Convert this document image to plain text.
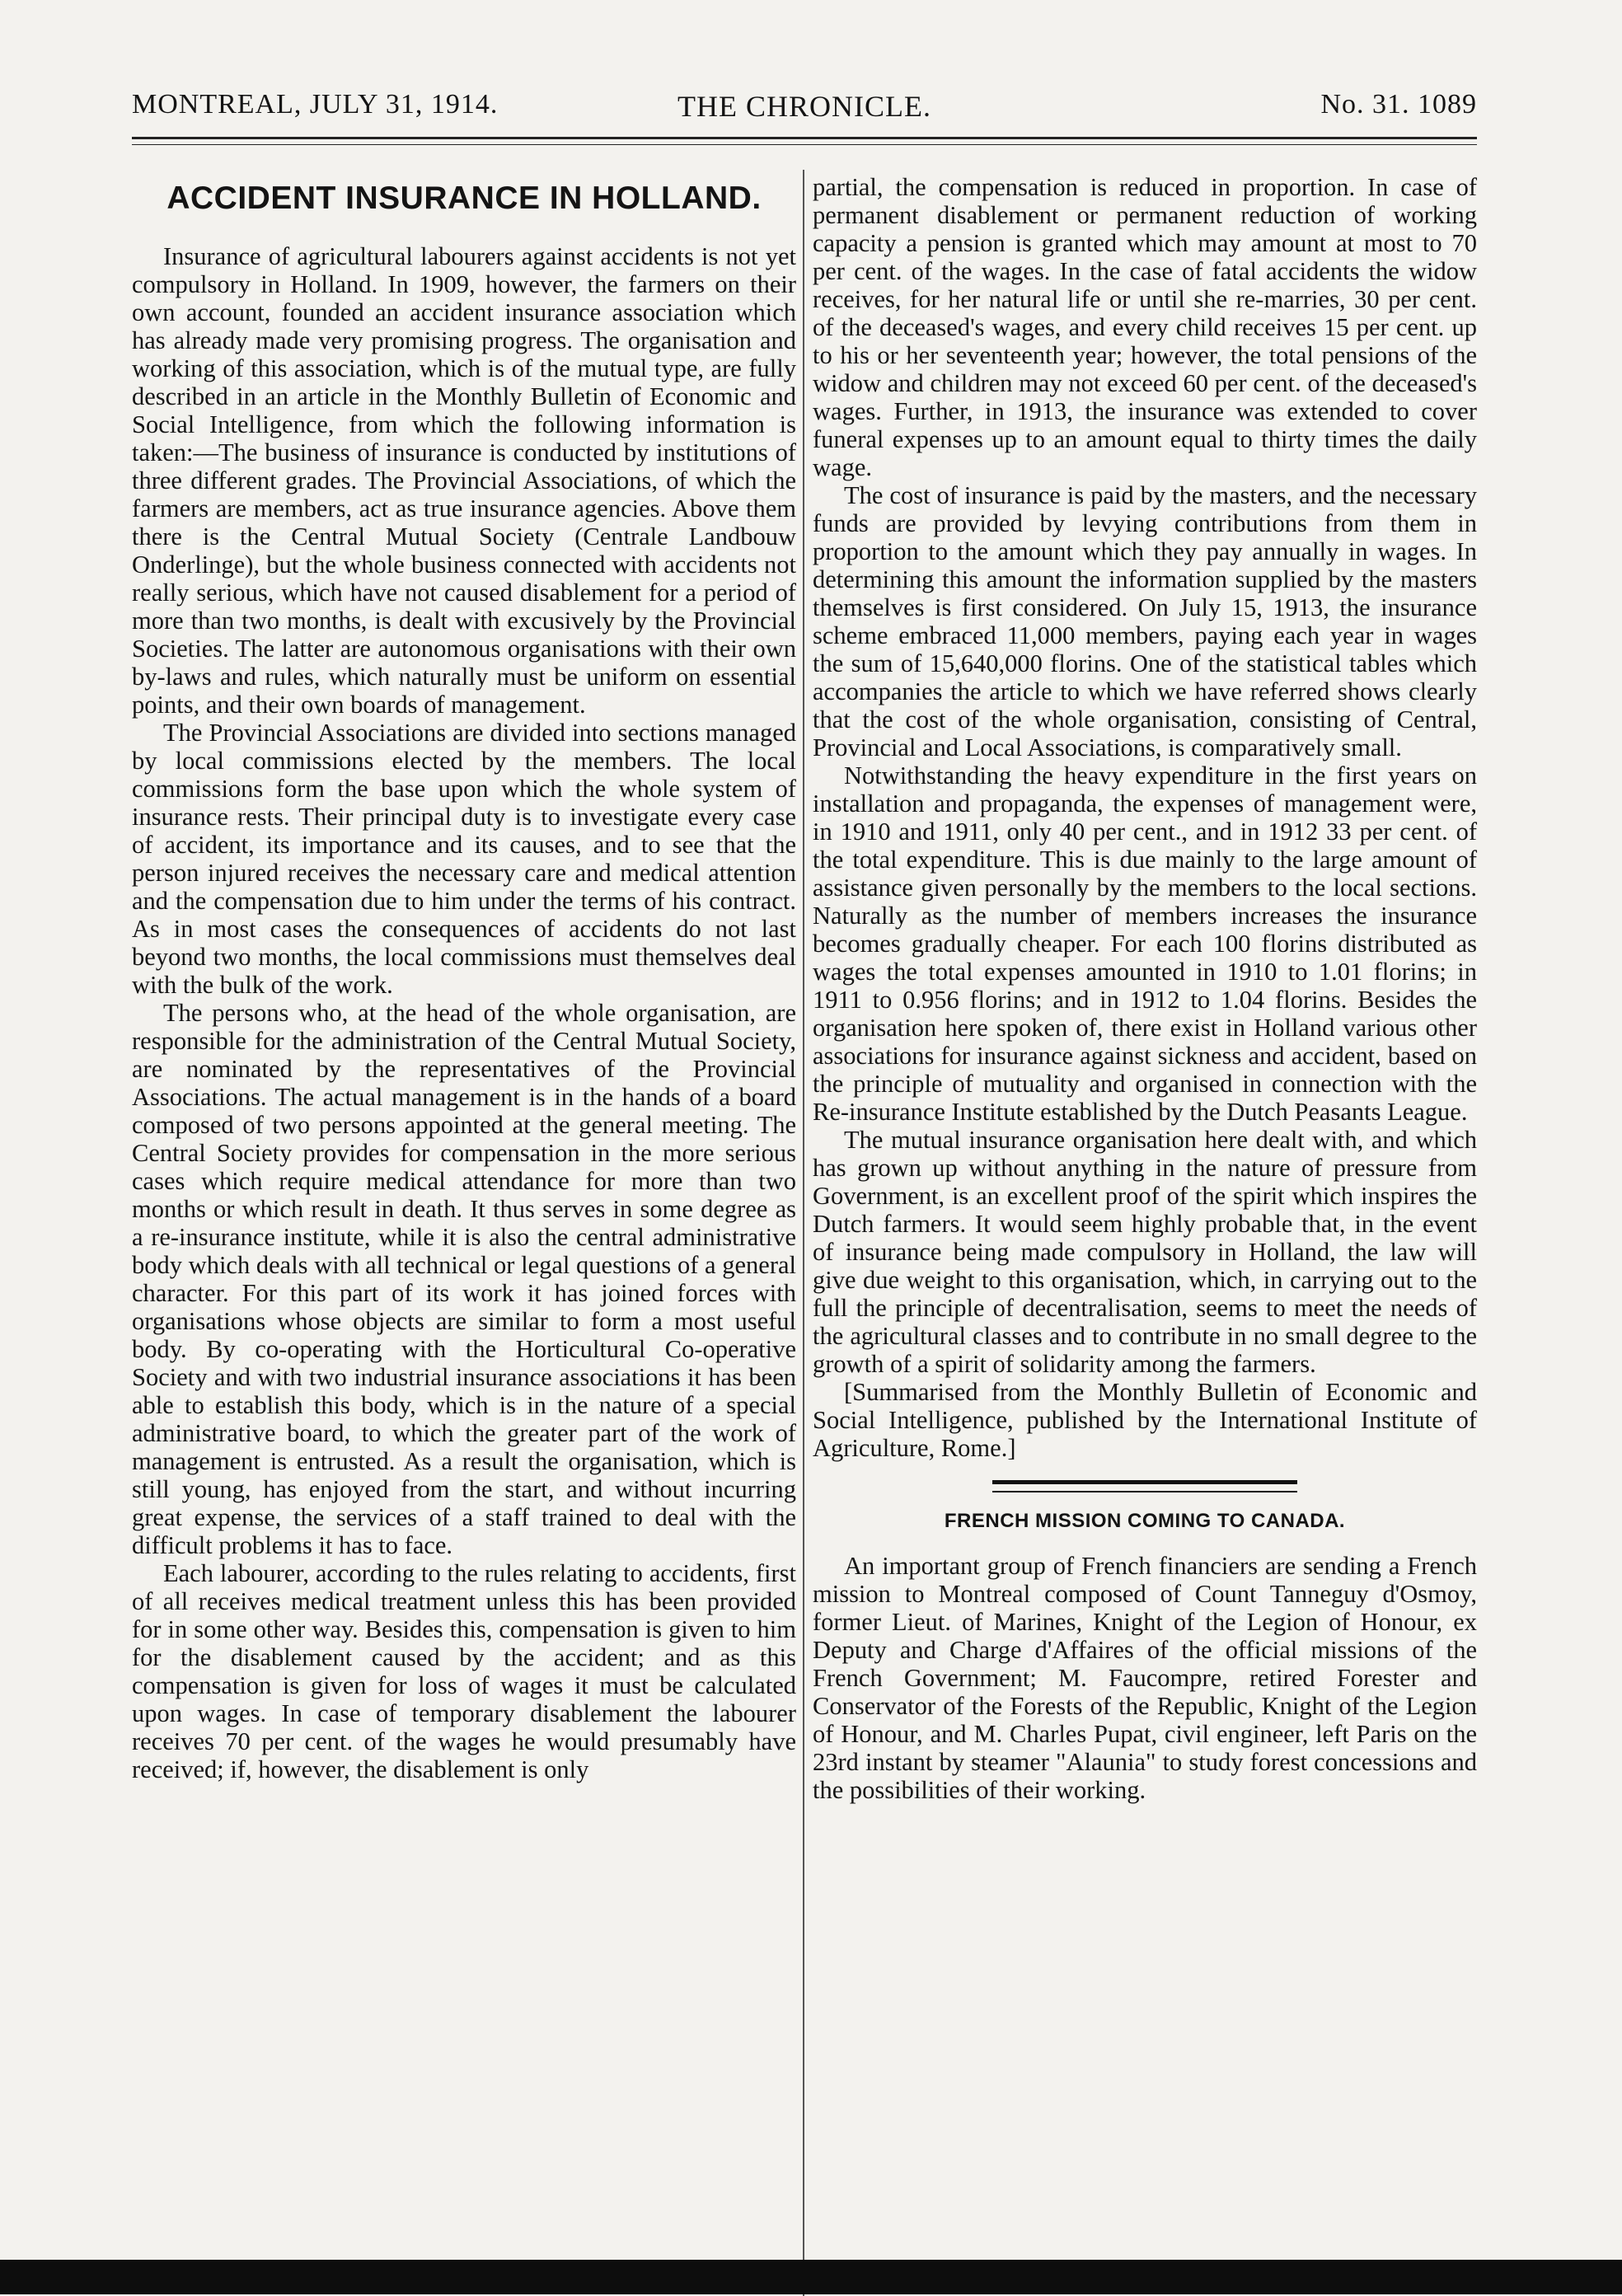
MONTREAL, JULY 31, 1914.	THE CHRONICLE.	No. 31. 1089
ACCIDENT INSURANCE IN HOLLAND.

Insurance of agricultural labourers against accidents is not yet compulsory in Holland. In 1909, however, the farmers on their own account, founded an accident insurance association which has already made very promising progress. The organisation and working of this association, which is of the mutual type, are fully described in an article in the Monthly Bulletin of Economic and Social Intelligence, from which the following information is taken:—The business of insurance is conducted by institutions of three different grades. The Provincial Associations, of which the farmers are members, act as true insurance agencies. Above them there is the Central Mutual Society (Centrale Landbouw Onderlinge), but the whole business connected with accidents not really serious, which have not caused disablement for a period of more than two months, is dealt with excusively by the Provincial Societies. The latter are autonomous organisations with their own by-laws and rules, which naturally must be uniform on essential points, and their own boards of management.

The Provincial Associations are divided into sections managed by local commissions elected by the members. The local commissions form the base upon which the whole system of insurance rests. Their principal duty is to investigate every case of accident, its importance and its causes, and to see that the person injured receives the necessary care and medical attention and the compensation due to him under the terms of his contract. As in most cases the consequences of accidents do not last beyond two months, the local commissions must themselves deal with the bulk of the work.

The persons who, at the head of the whole organisation, are responsible for the administration of the Central Mutual Society, are nominated by the representatives of the Provincial Associations. The actual management is in the hands of a board composed of two persons appointed at the general meeting. The Central Society provides for compensation in the more serious cases which require medical attendance for more than two months or which result in death. It thus serves in some degree as a re-insurance institute, while it is also the central administrative body which deals with all technical or legal questions of a general character. For this part of its work it has joined forces with organisations whose objects are similar to form a most useful body. By co-operating with the Horticultural Co-operative Society and with two industrial insurance associations it has been able to establish this body, which is in the nature of a special administrative board, to which the greater part of the work of management is entrusted. As a result the organisation, which is still young, has enjoyed from the start, and without incurring great expense, the services of a staff trained to deal with the difficult problems it has to face.

Each labourer, according to the rules relating to accidents, first of all receives medical treatment unless this has been provided for in some other way. Besides this, compensation is given to him for the disablement caused by the accident; and as this compensation is given for loss of wages it must be calculated upon wages. In case of temporary disablement the labourer receives 70 per cent. of the wages he would presumably have received; if, however, the disablement is only

partial, the compensation is reduced in proportion. In case of permanent disablement or permanent reduction of working capacity a pension is granted which may amount at most to 70 per cent. of the wages. In the case of fatal accidents the widow receives, for her natural life or until she re-marries, 30 per cent. of the deceased's wages, and every child receives 15 per cent. up to his or her seventeenth year; however, the total pensions of the widow and children may not exceed 60 per cent. of the deceased's wages. Further, in 1913, the insurance was extended to cover funeral expenses up to an amount equal to thirty times the daily wage.

The cost of insurance is paid by the masters, and the necessary funds are provided by levying contributions from them in proportion to the amount which they pay annually in wages. In determining this amount the information supplied by the masters themselves is first considered. On July 15, 1913, the insurance scheme embraced 11,000 members, paying each year in wages the sum of 15,640,000 florins. One of the statistical tables which accompanies the article to which we have referred shows clearly that the cost of the whole organisation, consisting of Central, Provincial and Local Associations, is comparatively small.

Notwithstanding the heavy expenditure in the first years on installation and propaganda, the expenses of management were, in 1910 and 1911, only 40 per cent., and in 1912 33 per cent. of the total expenditure. This is due mainly to the large amount of assistance given personally by the members to the local sections. Naturally as the number of members increases the insurance becomes gradually cheaper. For each 100 florins distributed as wages the total expenses amounted in 1910 to 1.01 florins; in 1911 to 0.956 florins; and in 1912 to 1.04 florins. Besides the organisation here spoken of, there exist in Holland various other associations for insurance against sickness and accident, based on the principle of mutuality and organised in connection with the Re-insurance Institute established by the Dutch Peasants League.

The mutual insurance organisation here dealt with, and which has grown up without anything in the nature of pressure from Government, is an excellent proof of the spirit which inspires the Dutch farmers. It would seem highly probable that, in the event of insurance being made compulsory in Holland, the law will give due weight to this organisation, which, in carrying out to the full the principle of decentralisation, seems to meet the needs of the agricultural classes and to contribute in no small degree to the growth of a spirit of solidarity among the farmers.

[Summarised from the Monthly Bulletin of Economic and Social Intelligence, published by the International Institute of Agriculture, Rome.]

FRENCH MISSION COMING TO CANADA.

An important group of French financiers are sending a French mission to Montreal composed of Count Tanneguy d'Osmoy, former Lieut. of Marines, Knight of the Legion of Honour, ex Deputy and Charge d'Affaires of the official missions of the French Government; M. Faucompre, retired Forester and Conservator of the Forests of the Republic, Knight of the Legion of Honour, and M. Charles Pupat, civil engineer, left Paris on the 23rd instant by steamer "Alaunia" to study forest concessions and the possibilities of their working.
